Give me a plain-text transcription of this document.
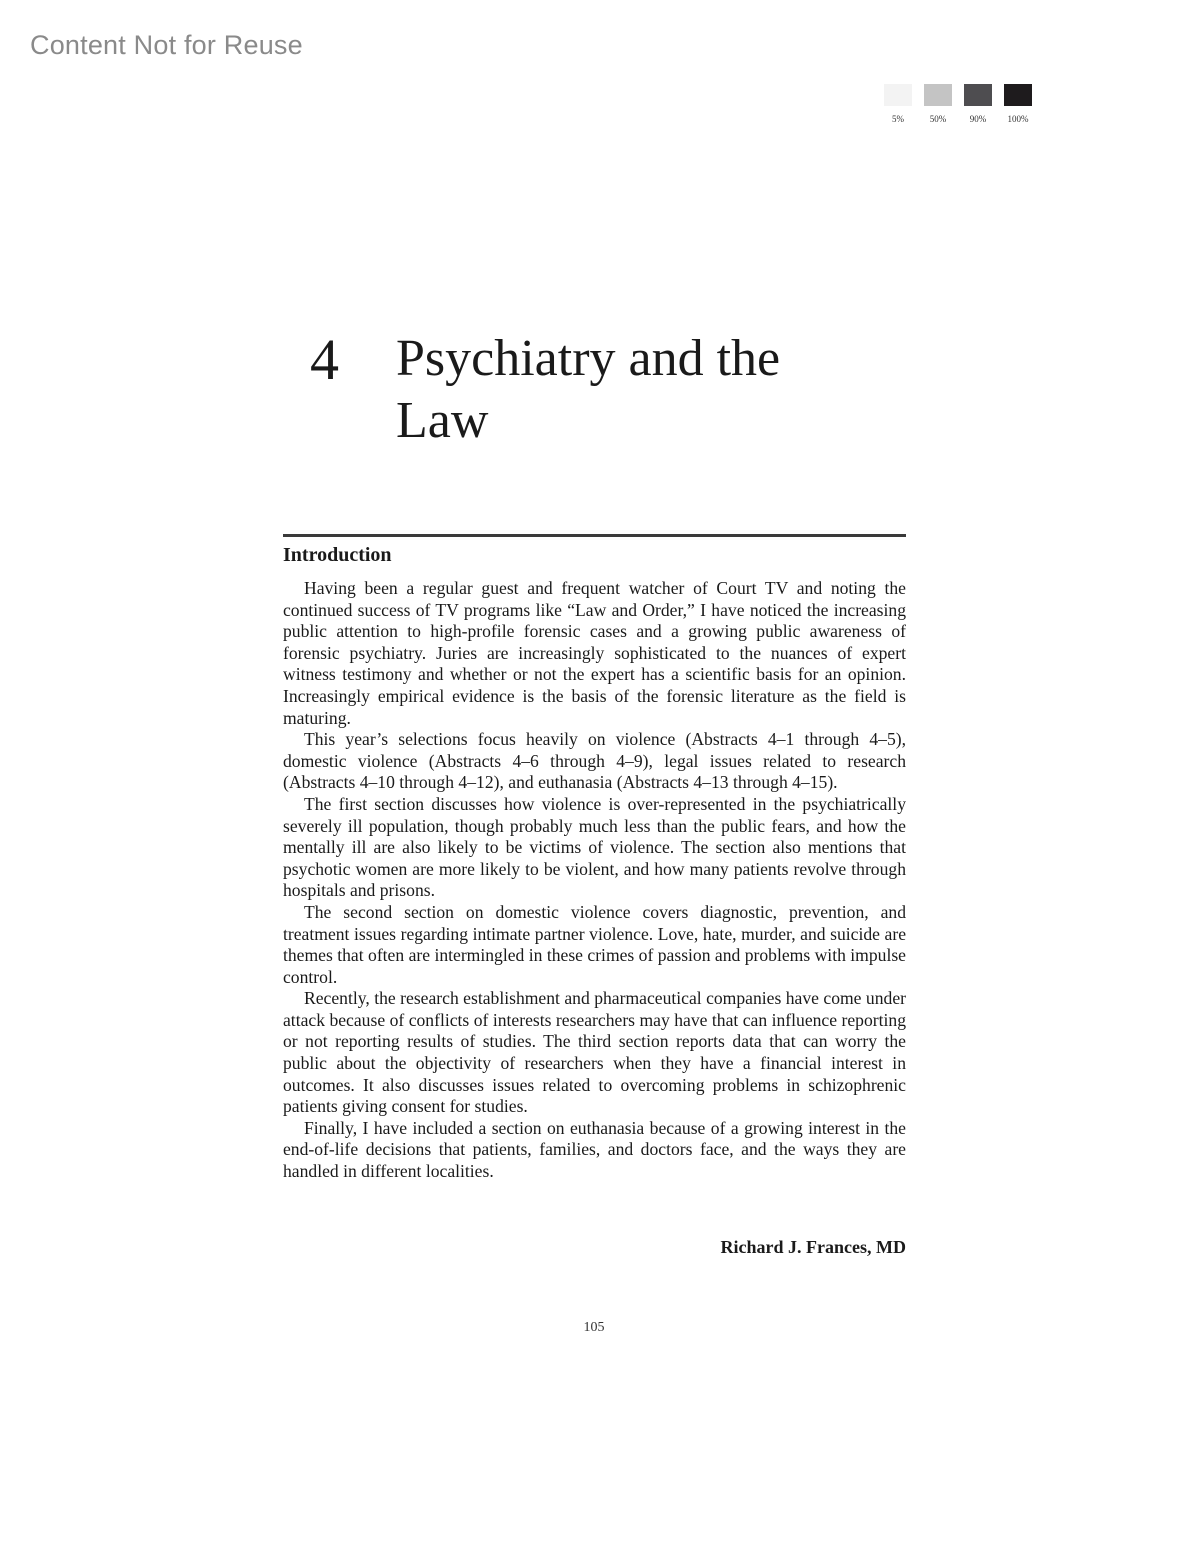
Content Not for Reuse
5%	50%	90% 100%
4	Psychiatry and the Law
Introduction

Having been a regular guest and frequent watcher of Court TV and noting the continued success of TV programs like “Law and Order,” I have noticed the increasing public attention to high-profile forensic cases and a growing public awareness of forensic psychiatry. Juries are increasingly sophisticated to the nuances of expert witness testimony and whether or not the expert has a scientific basis for an opinion. Increasingly empirical evidence is the basis of the forensic literature as the field is maturing.

This year’s selections focus heavily on violence (Abstracts 4–1 through 4–5), domestic violence (Abstracts 4–6 through 4–9), legal issues related to research (Abstracts 4–10 through 4–12), and euthanasia (Abstracts 4–13 through 4–15).

The first section discusses how violence is over-represented in the psychiatrically severely ill population, though probably much less than the public fears, and how the mentally ill are also likely to be victims of violence. The section also mentions that psychotic women are more likely to be violent, and how many patients revolve through hospitals and prisons.

The second section on domestic violence covers diagnostic, prevention, and treatment issues regarding intimate partner violence. Love, hate, murder, and suicide are themes that often are intermingled in these crimes of passion and problems with impulse control.

Recently, the research establishment and pharmaceutical companies have come under attack because of conflicts of interests researchers may have that can influence reporting or not reporting results of studies. The third section reports data that can worry the public about the objectivity of researchers when they have a financial interest in outcomes. It also discusses issues related to overcoming problems in schizophrenic patients giving consent for studies.

Finally, I have included a section on euthanasia because of a growing interest in the end-of-life decisions that patients, families, and doctors face, and the ways they are handled in different localities.

Richard J. Frances, MD
105
